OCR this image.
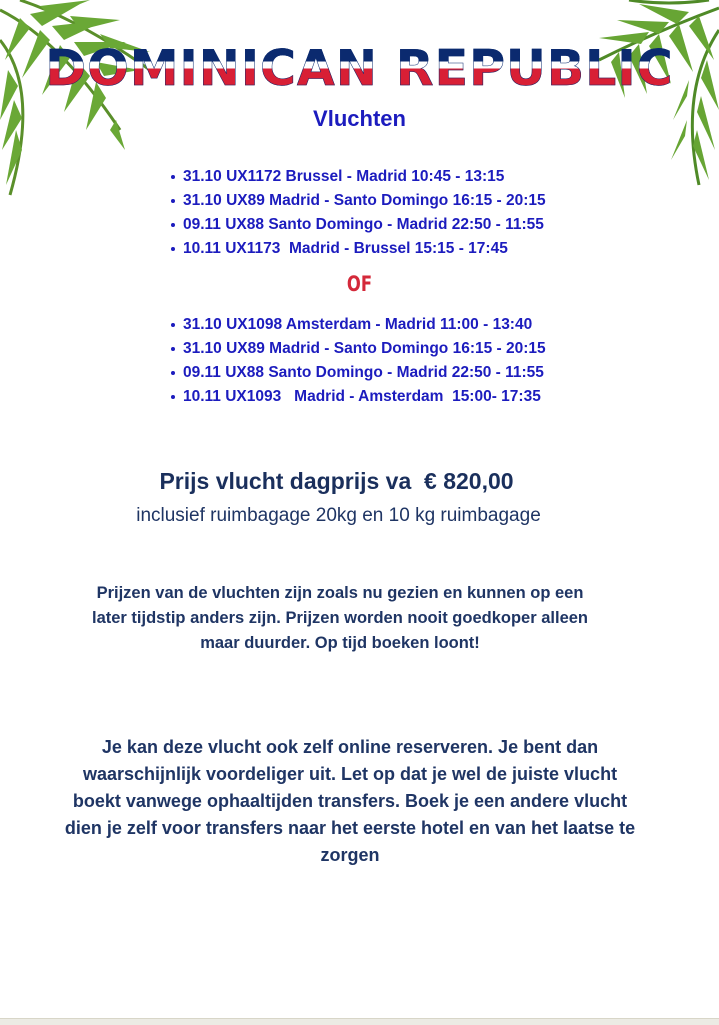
DOMINICAN REPUBLIC
Vluchten
31.10 UX1172 Brussel - Madrid 10:45 - 13:15
31.10 UX89 Madrid - Santo Domingo 16:15 - 20:15
09.11 UX88 Santo Domingo - Madrid 22:50 - 11:55
10.11 UX1173  Madrid - Brussel 15:15 - 17:45
OF
31.10 UX1098 Amsterdam - Madrid 11:00 - 13:40
31.10 UX89 Madrid - Santo Domingo 16:15 - 20:15
09.11 UX88 Santo Domingo - Madrid 22:50 - 11:55
10.11 UX1093   Madrid - Amsterdam  15:00- 17:35
Prijs vlucht dagprijs va  € 820,00
inclusief ruimbagage 20kg en 10 kg ruimbagage
Prijzen van de vluchten zijn zoals nu gezien en kunnen op een later tijdstip anders zijn. Prijzen worden nooit goedkoper alleen maar duurder. Op tijd boeken loont!
Je kan deze vlucht ook zelf online reserveren. Je bent dan waarschijnlijk voordeliger uit. Let op dat je wel de juiste vlucht boekt vanwege ophaaltijden transfers. Boek je een andere vlucht dien je zelf voor transfers naar het eerste hotel en van het laatse te zorgen
